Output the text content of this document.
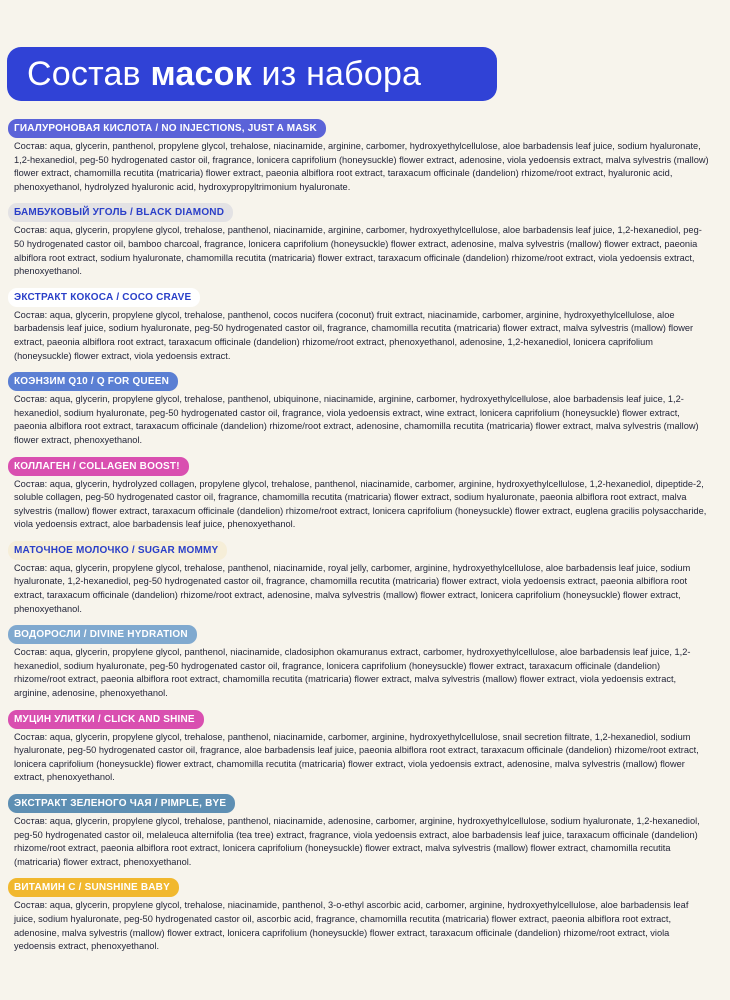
Состав масок из набора
ГИАЛУРОНОВАЯ КИСЛОТА / NO INJECTIONS, JUST A MASK

Состав: aqua, glycerin, panthenol, propylene glycol, trehalose, niacinamide, arginine, carbomer, hydroxyethylcellulose, aloe barbadensis leaf juice, sodium hyaluronate, 1,2-hexanediol, peg-50 hydrogenated castor oil, fragrance, lonicera caprifolium (honeysuckle) flower extract, adenosine, viola yedoensis extract, malva sylvestris (mallow) flower extract, chamomilla recutita (matricaria) flower extract, paeonia albiflora root extract, taraxacum officinale (dandelion) rhizome/root extract, hyaluronic acid, phenoxyethanol, hydrolyzed hyaluronic acid, hydroxypropyltrimonium hyaluronate.

БАМБУКОВЫЙ УГОЛЬ / BLACK DIAMOND

Состав: aqua, glycerin, propylene glycol, trehalose, panthenol, niacinamide, arginine, carbomer, hydroxyethylcellulose, aloe barbadensis leaf juice, 1,2-hexanediol, peg-50 hydrogenated castor oil, bamboo charcoal, fragrance, lonicera caprifolium (honeysuckle) flower extract, adenosine, malva sylvestris (mallow) flower extract, paeonia albiflora root extract, sodium hyaluronate, chamomilla recutita (matricaria) flower extract, taraxacum officinale (dandelion) rhizome/root extract, viola yedoensis extract, phenoxyethanol.

ЭКСТРАКТ КОКОСА / COCO CRAVE

Состав: aqua, glycerin, propylene glycol, trehalose, panthenol, cocos nucifera (coconut) fruit extract, niacinamide, carbomer, arginine, hydroxyethylcellulose, aloe barbadensis leaf juice, sodium hyaluronate, peg-50 hydrogenated castor oil, fragrance, chamomilla recutita (matricaria) flower extract, malva sylvestris (mallow) flower extract, paeonia albiflora root extract, taraxacum officinale (dandelion) rhizome/root extract, phenoxyethanol, adenosine, 1,2-hexanediol, lonicera caprifolium (honeysuckle) flower extract, viola yedoensis extract.

КОЭНЗИМ Q10 / Q FOR QUEEN

Состав: aqua, glycerin, propylene glycol, trehalose, panthenol, ubiquinone, niacinamide, arginine, carbomer, hydroxyethylcellulose, aloe barbadensis leaf juice, 1,2-hexanediol, sodium hyaluronate, peg-50 hydrogenated castor oil, fragrance, viola yedoensis extract, wine extract, lonicera caprifolium (honeysuckle) flower extract, paeonia albiflora root extract, taraxacum officinale (dandelion) rhizome/root extract, adenosine, chamomilla recutita (matricaria) flower extract, malva sylvestris (mallow) flower extract, phenoxyethanol.

КОЛЛАГЕН / COLLAGEN BOOST!

Состав: aqua, glycerin, hydrolyzed collagen, propylene glycol, trehalose, panthenol, niacinamide, carbomer, arginine, hydroxyethylcellulose, 1,2-hexanediol, dipeptide-2, soluble collagen, peg-50 hydrogenated castor oil, fragrance, chamomilla recutita (matricaria) flower extract, sodium hyaluronate, paeonia albiflora root extract, malva sylvestris (mallow) flower extract, taraxacum officinale (dandelion) rhizome/root extract, lonicera caprifolium (honeysuckle) flower extract, euglena gracilis polysaccharide, viola yedoensis extract, aloe barbadensis leaf juice, phenoxyethanol.

МАТОЧНОЕ МОЛОЧКО / SUGAR MOMMY

Состав: aqua, glycerin, propylene glycol, trehalose, panthenol, niacinamide, royal jelly, carbomer, arginine, hydroxyethylcellulose, aloe barbadensis leaf juice, sodium hyaluronate, 1,2-hexanediol, peg-50 hydrogenated castor oil, fragrance, chamomilla recutita (matricaria) flower extract, viola yedoensis extract, paeonia albiflora root extract, taraxacum officinale (dandelion) rhizome/root extract, adenosine, malva sylvestris (mallow) flower extract, lonicera caprifolium (honeysuckle) flower extract, phenoxyethanol.

ВОДОРОСЛИ / DIVINE HYDRATION

Состав: aqua, glycerin, propylene glycol, panthenol, niacinamide, cladosiphon okamuranus extract, carbomer, hydroxyethylcellulose, aloe barbadensis leaf juice, 1,2-hexanediol, sodium hyaluronate, peg-50 hydrogenated castor oil, fragrance, lonicera caprifolium (honeysuckle) flower extract, taraxacum officinale (dandelion) rhizome/root extract, paeonia albiflora root extract, chamomilla recutita (matricaria) flower extract, malva sylvestris (mallow) flower extract, viola yedoensis extract, arginine, adenosine, phenoxyethanol.

МУЦИН УЛИТКИ / CLICK AND SHINE

Состав: aqua, glycerin, propylene glycol, trehalose, panthenol, niacinamide, carbomer, arginine, hydroxyethylcellulose, snail secretion filtrate, 1,2-hexanediol, sodium hyaluronate, peg-50 hydrogenated castor oil, fragrance, aloe barbadensis leaf juice, paeonia albiflora root extract, taraxacum officinale (dandelion) rhizome/root extract, lonicera caprifolium (honeysuckle) flower extract, chamomilla recutita (matricaria) flower extract, viola yedoensis extract, adenosine, malva sylvestris (mallow) flower extract, phenoxyethanol.

ЭКСТРАКТ ЗЕЛЕНОГО ЧАЯ / PIMPLE, BYE

Состав: aqua, glycerin, propylene glycol, trehalose, panthenol, niacinamide, adenosine, carbomer, arginine, hydroxyethylcellulose, sodium hyaluronate, 1,2-hexanediol, peg-50 hydrogenated castor oil, melaleuca alternifolia (tea tree) extract, fragrance, viola yedoensis extract, aloe barbadensis leaf juice, taraxacum officinale (dandelion) rhizome/root extract, paeonia albiflora root extract, lonicera caprifolium (honeysuckle) flower extract, malva sylvestris (mallow) flower extract, chamomilla recutita (matricaria) flower extract, phenoxyethanol.

ВИТАМИН С / SUNSHINE BABY

Состав: aqua, glycerin, propylene glycol, trehalose, niacinamide, panthenol, 3-o-ethyl ascorbic acid, carbomer, arginine, hydroxyethylcellulose, aloe barbadensis leaf juice, sodium hyaluronate, peg-50 hydrogenated castor oil, ascorbic acid, fragrance, chamomilla recutita (matricaria) flower extract, paeonia albiflora root extract, adenosine, malva sylvestris (mallow) flower extract, lonicera caprifolium (honeysuckle) flower extract, taraxacum officinale (dandelion) rhizome/root extract, viola yedoensis extract, phenoxyethanol.
